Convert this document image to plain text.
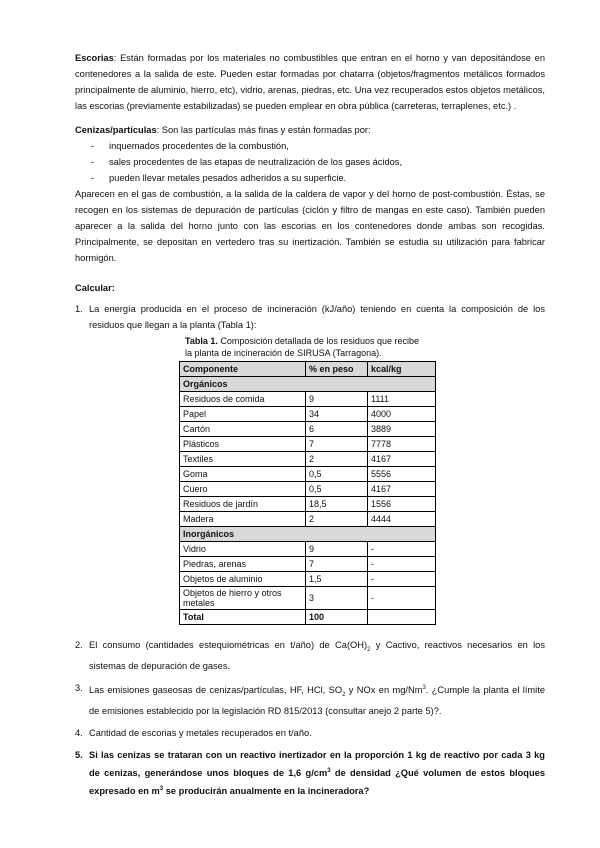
Escorias: Están formadas por los materiales no combustibles que entran en el horno y van depositándose en contenedores a la salida de este. Pueden estar formadas por chatarra (objetos/fragmentos metálicos formados principalmente de aluminio, hierro, etc), vidrio, arenas, piedras, etc. Una vez recuperados estos objetos metálicos, las escorias (previamente estabilizadas) se pueden emplear en obra pública (carreteras, terraplenes, etc.) .

Cenizas/partículas: Son las partículas más finas y están formadas por:

- inquemados procedentes de la combustión,
- sales procedentes de las etapas de neutralización de los gases ácidos,
- pueden llevar metales pesados adheridos a su superficie.

Aparecen en el gas de combustión, a la salida de la caldera de vapor y del horno de post-combustión. Éstas, se recogen en los sistemas de depuración de partículas (ciclón y filtro de mangas en este caso). También pueden aparecer a la salida del horno junto con las escorias en los contenedores donde ambas son recogidas. Principalmente, se depositan en vertedero tras su inertización. También se estudia su utilización para fabricar hormigón.

Calcular:
1. La energía producida en el proceso de incineración (kJ/año) teniendo en cuenta la composición de los residuos que llegan a la planta (Tabla 1):
Tabla 1. Composición detallada de los residuos que recibe la planta de incineración de SIRUSA (Tarragona).
Componente	% en peso	kcal/kg
Orgánicos		
Residuos de comida	9	1111
Papel	34	4000
Cartón	6	3889
Plásticos	7	7778
Textiles	2	4167
Goma	0,5	5556
Cuero	0,5	4167
Residuos de jardín	18,5	1556
Madera	2	4444
Inorgánicos		
Vidrio	9	-
Piedras, arenas	7	-
Objetos de aluminio	1,5	-
Objetos de hierro y otros metales	3	-
Total	100	
2. El consumo (cantidades estequiométricas en t/año) de $Ca(OH)_2$ y Cactivo, reactivos necesarios en los sistemas de depuración de gases.
3. Las emisiones gaseosas de cenizas/partículas, HF, HCl, $SO_2$ y NOx en mg/Nm$^3$. ¿Cumple la planta el límite de emisiones establecido por la legislación RD 815/2013 (consultar anejo 2 parte 5)?.
4. Cantidad de escorias y metales recuperados en t/año.
5. Si las cenizas se trataran con un reactivo inertizador en la proporción 1 kg de reactivo por cada 3 kg de cenizas, generándose unos bloques de 1,6 $g/cm^3$ de densidad ¿Qué volumen de estos bloques expresado en $m^3$ se producirán anualmente en la incineradora?
